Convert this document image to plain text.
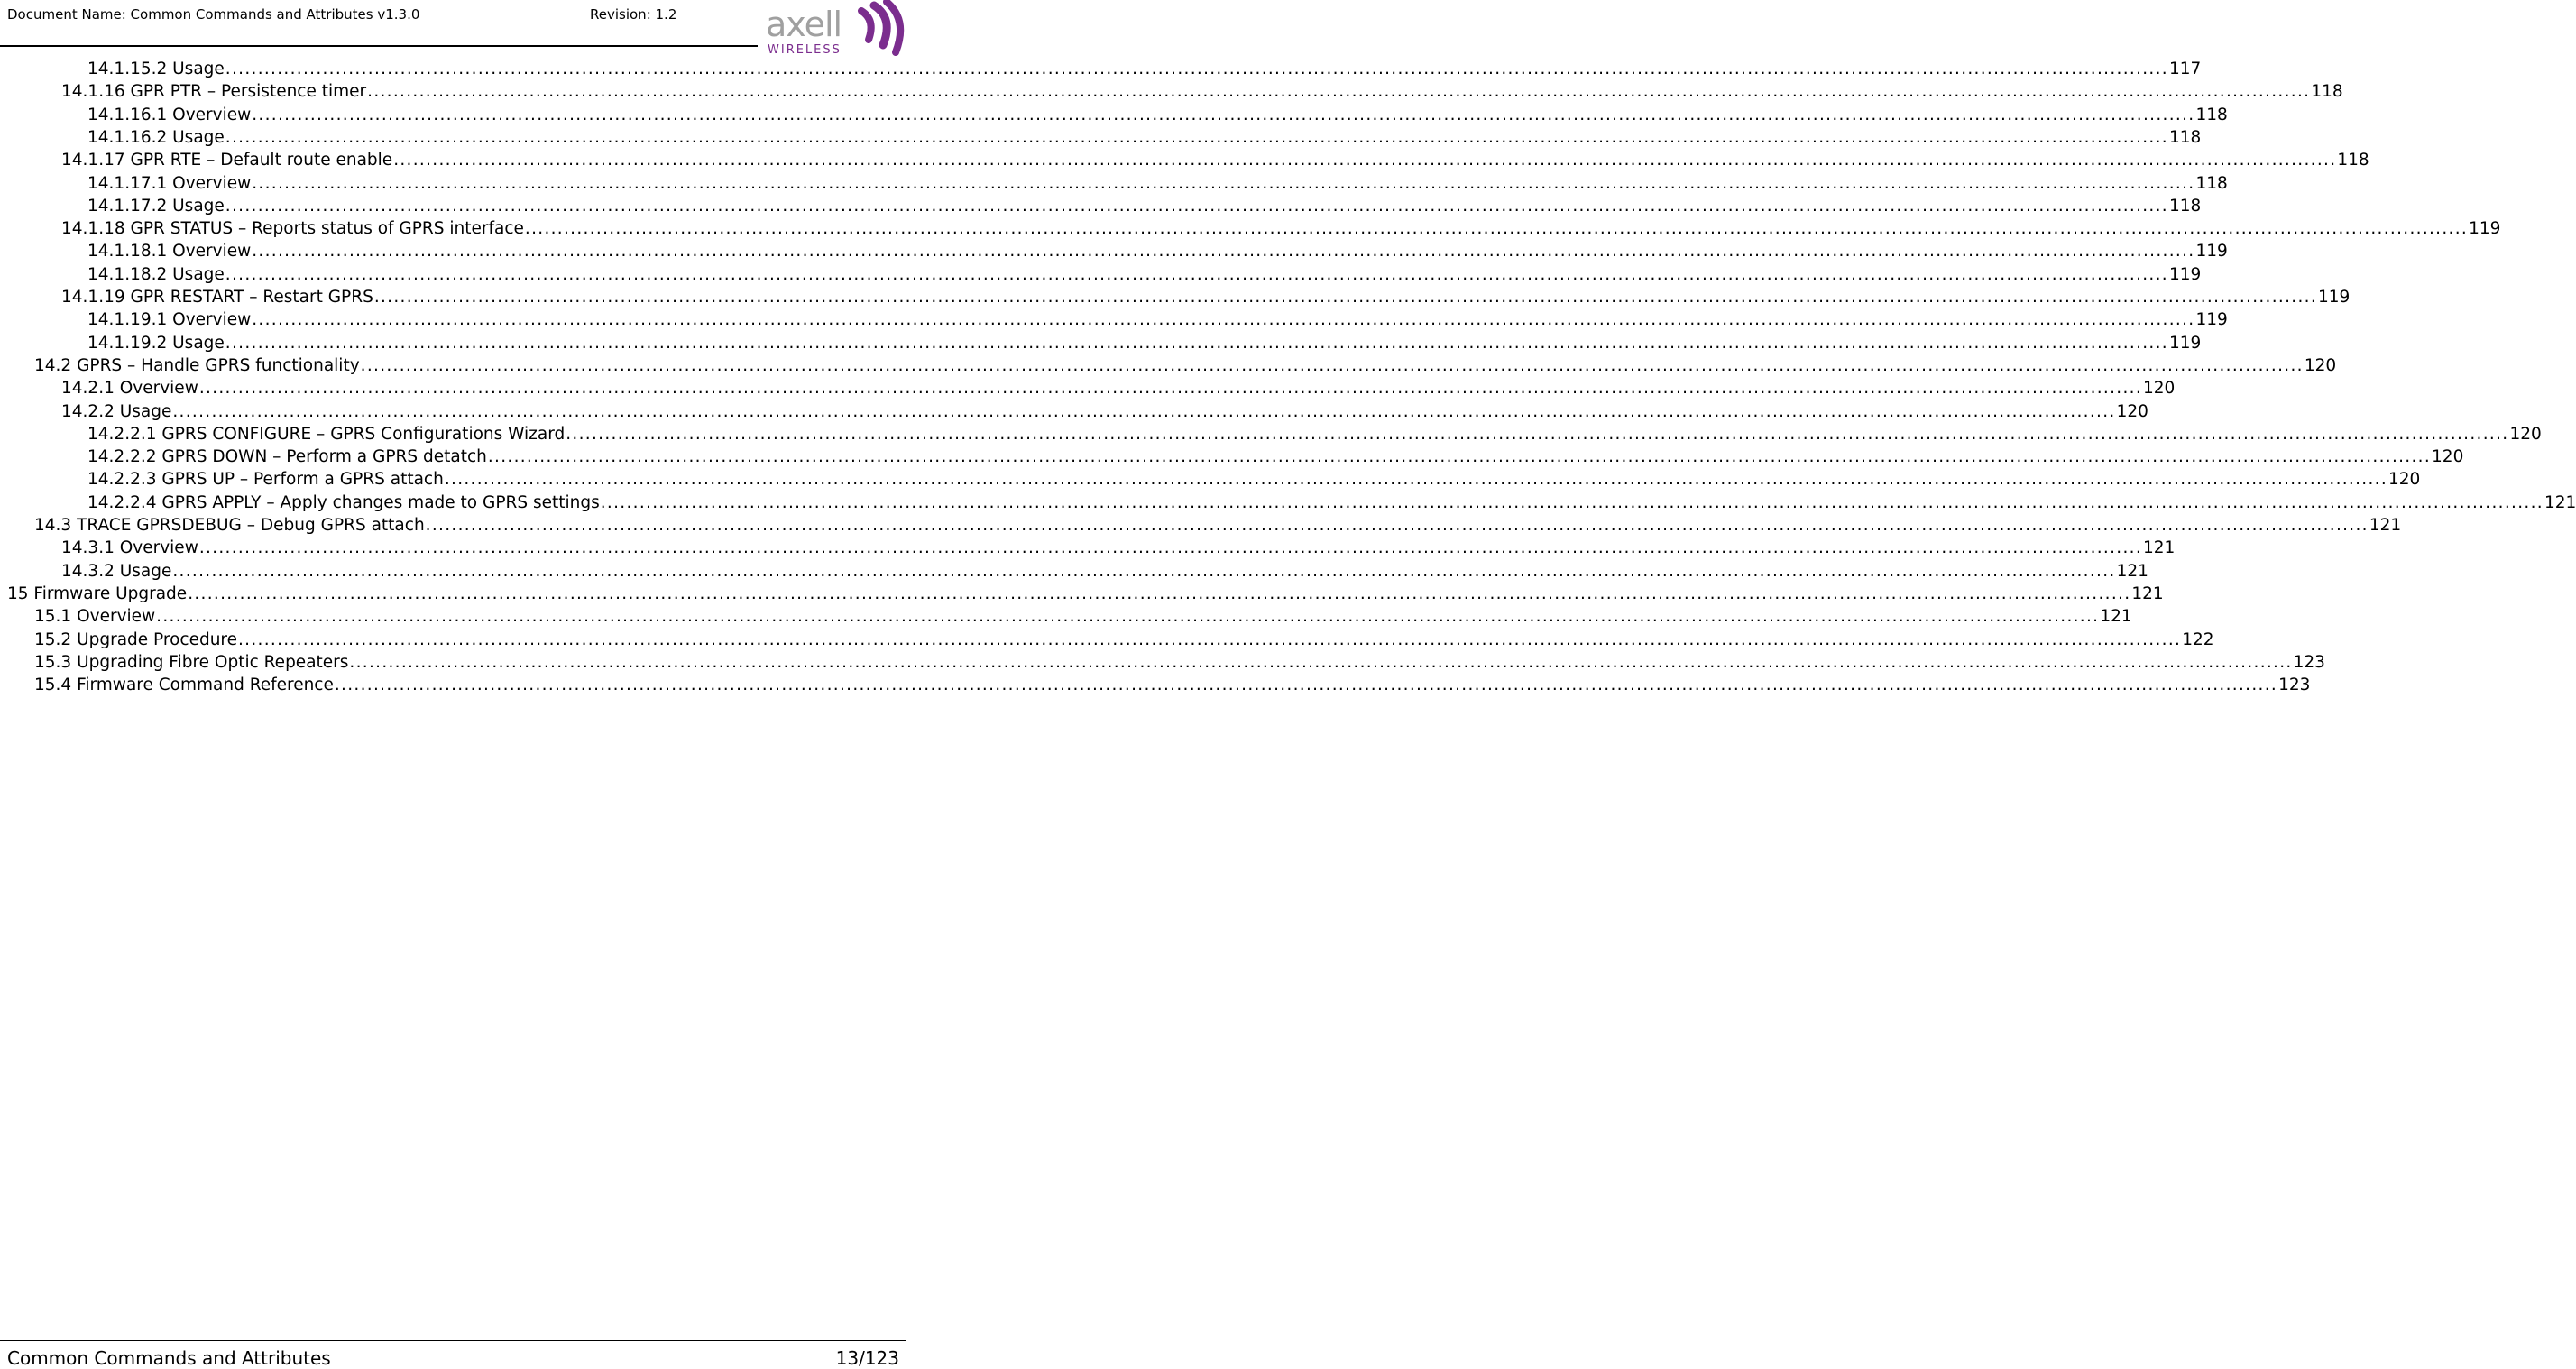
Document Name: Common Commands and Attributes v1.3.0	Revision: 1.2	axell
WIRELESS
14.1.15.2 Usage ............................................................................................................................................................................................................................................................................................................ 117
14.1.16 GPR PTR – Persistence timer ............................................................................................................................................................................................................................................................................................................ 118
14.1.16.1 Overview ............................................................................................................................................................................................................................................................................................................ 118
14.1.16.2 Usage ............................................................................................................................................................................................................................................................................................................ 118
14.1.17 GPR RTE – Default route enable ............................................................................................................................................................................................................................................................................................................ 118
14.1.17.1 Overview ............................................................................................................................................................................................................................................................................................................ 118
14.1.17.2 Usage ............................................................................................................................................................................................................................................................................................................ 118
14.1.18 GPR STATUS – Reports status of GPRS interface ............................................................................................................................................................................................................................................................................................................ 119
14.1.18.1 Overview ............................................................................................................................................................................................................................................................................................................ 119
14.1.18.2 Usage ............................................................................................................................................................................................................................................................................................................ 119
14.1.19 GPR RESTART – Restart GPRS ............................................................................................................................................................................................................................................................................................................ 119
14.1.19.1 Overview ............................................................................................................................................................................................................................................................................................................ 119
14.1.19.2 Usage ............................................................................................................................................................................................................................................................................................................ 119
14.2 GPRS – Handle GPRS functionality ............................................................................................................................................................................................................................................................................................................ 120
14.2.1 Overview ............................................................................................................................................................................................................................................................................................................ 120
14.2.2 Usage ............................................................................................................................................................................................................................................................................................................ 120
14.2.2.1 GPRS CONFIGURE – GPRS Configurations Wizard ............................................................................................................................................................................................................................................................................................................ 120
14.2.2.2 GPRS DOWN – Perform a GPRS detatch ............................................................................................................................................................................................................................................................................................................ 120
14.2.2.3 GPRS UP – Perform a GPRS attach ............................................................................................................................................................................................................................................................................................................ 120
14.2.2.4 GPRS APPLY – Apply changes made to GPRS settings ............................................................................................................................................................................................................................................................................................................ 121
14.3 TRACE GPRSDEBUG – Debug GPRS attach ............................................................................................................................................................................................................................................................................................................ 121
14.3.1 Overview ............................................................................................................................................................................................................................................................................................................ 121
14.3.2 Usage ............................................................................................................................................................................................................................................................................................................ 121
15 Firmware Upgrade ............................................................................................................................................................................................................................................................................................................ 121
15.1 Overview ............................................................................................................................................................................................................................................................................................................ 121
15.2 Upgrade Procedure ............................................................................................................................................................................................................................................................................................................ 122
15.3 Upgrading Fibre Optic Repeaters ............................................................................................................................................................................................................................................................................................................ 123
15.4 Firmware Command Reference ............................................................................................................................................................................................................................................................................................................ 123
Common Commands and Attributes	13/123
